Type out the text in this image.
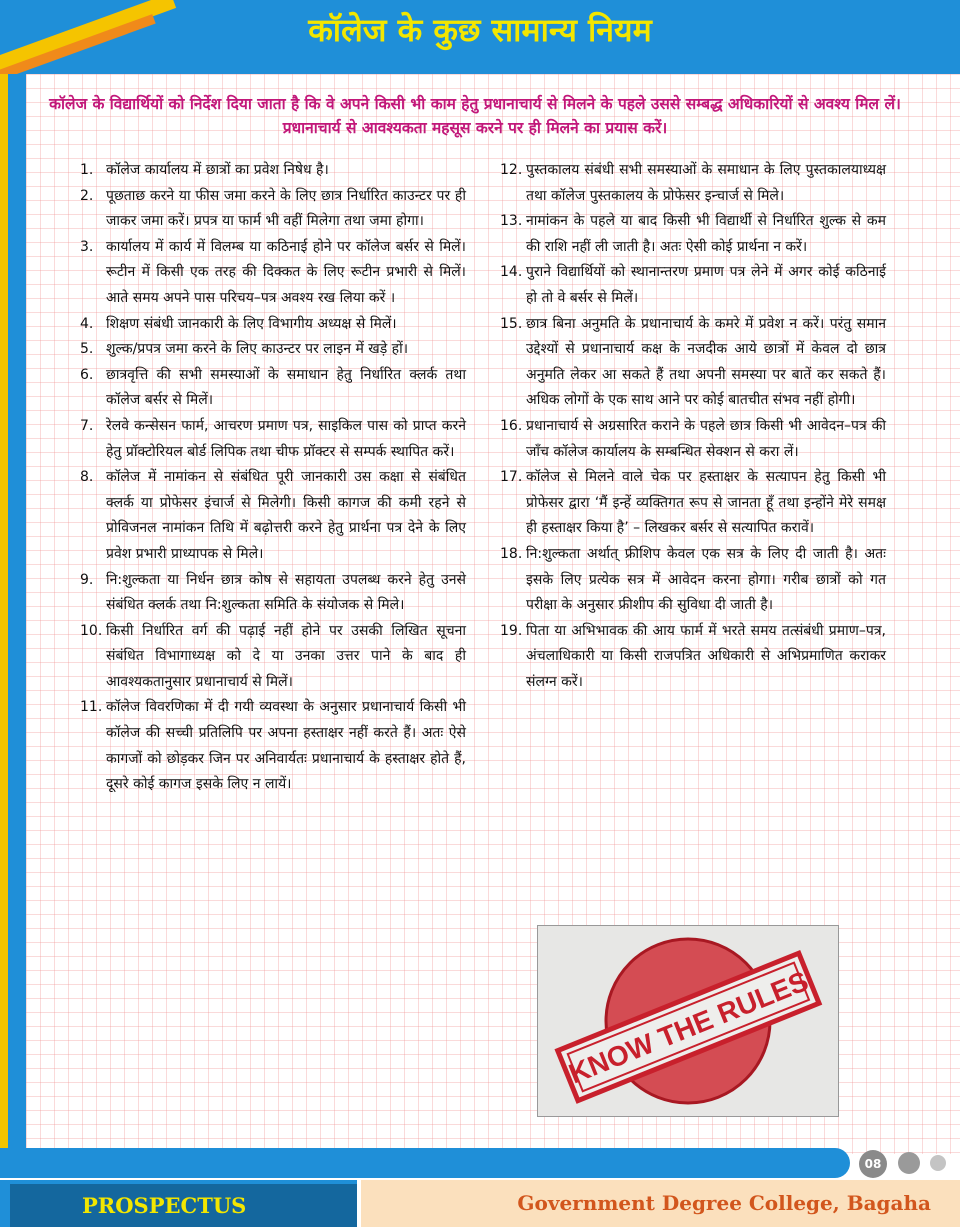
कॉलेज के कुछ सामान्य नियम
कॉलेज के विद्यार्थियों को निर्देश दिया जाता है कि वे अपने किसी भी काम हेतु प्रधानाचार्य से मिलने के पहले उससे सम्बद्ध अधिकारियों से अवश्य मिल लें। प्रधानाचार्य से आवश्यकता महसूस करने पर ही मिलने का प्रयास करें।
1. कॉलेज कार्यालय में छात्रों का प्रवेश निषेध है।
2. पूछताछ करने या फीस जमा करने के लिए छात्र निर्धारित काउन्टर पर ही जाकर जमा करें। प्रपत्र या फार्म भी वहीं मिलेगा तथा जमा होगा।
3. कार्यालय में कार्य में विलम्ब या कठिनाई होने पर कॉलेज बर्सर से मिलें। रूटीन में किसी एक तरह की दिक्कत के लिए रूटीन प्रभारी से मिलें। आते समय अपने पास परिचय–पत्र अवश्य रख लिया करें ।
4. शिक्षण संबंधी जानकारी के लिए विभागीय अध्यक्ष से मिलें।
5. शुल्क/प्रपत्र जमा करने के लिए काउन्टर पर लाइन में खड़े हों।
6. छात्रवृत्ति की सभी समस्याओं के समाधान हेतु निर्धारित क्लर्क तथा कॉलेज बर्सर से मिलें।
7. रेलवे कन्सेसन फार्म, आचरण प्रमाण पत्र, साइकिल पास को प्राप्त करने हेतु प्रॉक्टोरियल बोर्ड लिपिक तथा चीफ प्रॉक्टर से सम्पर्क स्थापित करें।
8. कॉलेज में नामांकन से संबंधित पूरी जानकारी उस कक्षा से संबंधित क्लर्क या प्रोफेसर इंचार्ज से मिलेगी। किसी कागज की कमी रहने से प्रोविजनल नामांकन तिथि में बढ़ोत्तरी करने हेतु प्रार्थना पत्र देने के लिए प्रवेश प्रभारी प्राध्यापक से मिले।
9. नि:शुल्कता या निर्धन छात्र कोष से सहायता उपलब्ध करने हेतु उनसे संबंधित क्लर्क तथा नि:शुल्कता समिति के संयोजक से मिले।
10. किसी निर्धारित वर्ग की पढ़ाई नहीं होने पर उसकी लिखित सूचना संबंधित विभागाध्यक्ष को दे या उनका उत्तर पाने के बाद ही आवश्यकतानुसार प्रधानाचार्य से मिलें।
11. कॉलेज विवरणिका में दी गयी व्यवस्था के अनुसार प्रधानाचार्य किसी भी कॉलेज की सच्ची प्रतिलिपि पर अपना हस्ताक्षर नहीं करते हैं। अतः ऐसे कागजों को छोड़कर जिन पर अनिवार्यतः प्रधानाचार्य के हस्ताक्षर होते हैं, दूसरे कोई कागज इसके लिए न लायें।
12. पुस्तकालय संबंधी सभी समस्याओं के समाधान के लिए पुस्तकालयाध्यक्ष तथा कॉलेज पुस्तकालय के प्रोफेसर इन्चार्ज से मिले।
13. नामांकन के पहले या बाद किसी भी विद्यार्थी से निर्धारित शुल्क से कम की राशि नहीं ली जाती है। अतः ऐसी कोई प्रार्थना न करें।
14. पुराने विद्यार्थियों को स्थानान्तरण प्रमाण पत्र लेने में अगर कोई कठिनाई हो तो वे बर्सर से मिलें।
15. छात्र बिना अनुमति के प्रधानाचार्य के कमरे में प्रवेश न करें। परंतु समान उद्देश्यों से प्रधानाचार्य कक्ष के नजदीक आये छात्रों में केवल दो छात्र अनुमति लेकर आ सकते हैं तथा अपनी समस्या पर बातें कर सकते हैं। अधिक लोगों के एक साथ आने पर कोई बातचीत संभव नहीं होगी।
16. प्रधानाचार्य से अग्रसारित कराने के पहले छात्र किसी भी आवेदन–पत्र की जाँच कॉलेज कार्यालय के सम्बन्धित सेक्शन से करा लें।
17. कॉलेज से मिलने वाले चेक पर हस्ताक्षर के सत्यापन हेतु किसी भी प्रोफेसर द्वारा ‘मैं इन्हें व्यक्तिगत रूप से जानता हूँ तथा इन्होंने मेरे समक्ष ही हस्ताक्षर किया है’ – लिखकर बर्सर से सत्यापित करावें।
18. नि:शुल्कता अर्थात् फ्रीशिप केवल एक सत्र के लिए दी जाती है। अतः इसके लिए प्रत्येक सत्र में आवेदन करना होगा। गरीब छात्रों को गत परीक्षा के अनुसार फ्रीशीप की सुविधा दी जाती है।
19. पिता या अभिभावक की आय फार्म में भरते समय तत्संबंधी प्रमाण–पत्र, अंचलाधिकारी या किसी राजपत्रित अधिकारी से अभिप्रमाणित कराकर संलग्न करें।
KNOW THE RULES
08
PROSPECTUS	Government Degree College, Bagaha
